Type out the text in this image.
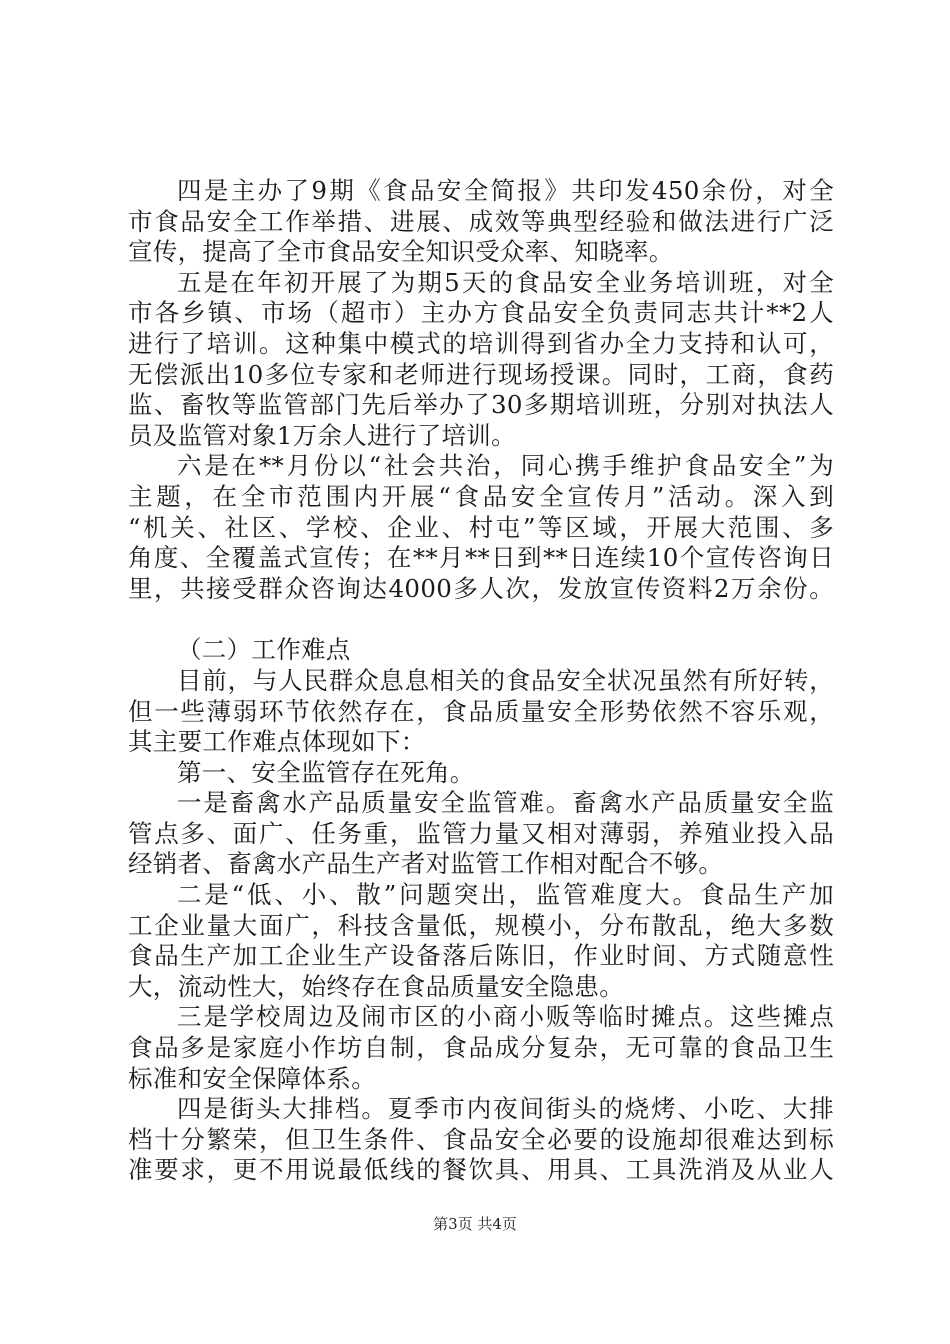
四是主办了9期《食品安全简报》共印发450余份，对全
市食品安全工作举措、进展、成效等典型经验和做法进行广泛
宣传，提高了全市食品安全知识受众率、知晓率。
五是在年初开展了为期5天的食品安全业务培训班，对全
市各乡镇、市场（超市）主办方食品安全负责同志共计**2人
进行了培训。这种集中模式的培训得到省办全力支持和认可，
无偿派出10多位专家和老师进行现场授课。同时，工商，食药
监、畜牧等监管部门先后举办了30多期培训班，分别对执法人
员及监管对象1万余人进行了培训。
六是在**月份以“社会共治，同心携手维护食品安全”为
主题，在全市范围内开展“食品安全宣传月”活动。深入到
“机关、社区、学校、企业、村屯”等区域，开展大范围、多
角度、全覆盖式宣传；在**月**日到**日连续10个宣传咨询日
里，共接受群众咨询达4000多人次，发放宣传资料2万余份。
（二）工作难点
目前，与人民群众息息相关的食品安全状况虽然有所好转，
但一些薄弱环节依然存在，食品质量安全形势依然不容乐观，
其主要工作难点体现如下：
第一、安全监管存在死角。
一是畜禽水产品质量安全监管难。畜禽水产品质量安全监
管点多、面广、任务重，监管力量又相对薄弱，养殖业投入品
经销者、畜禽水产品生产者对监管工作相对配合不够。
二是“低、小、散”问题突出，监管难度大。食品生产加
工企业量大面广，科技含量低，规模小，分布散乱，绝大多数
食品生产加工企业生产设备落后陈旧，作业时间、方式随意性
大，流动性大，始终存在食品质量安全隐患。
三是学校周边及闹市区的小商小贩等临时摊点。这些摊点
食品多是家庭小作坊自制，食品成分复杂，无可靠的食品卫生
标准和安全保障体系。
四是街头大排档。夏季市内夜间街头的烧烤、小吃、大排
档十分繁荣，但卫生条件、食品安全必要的设施却很难达到标
准要求，更不用说最低线的餐饮具、用具、工具洗消及从业人
第3页 共4页
